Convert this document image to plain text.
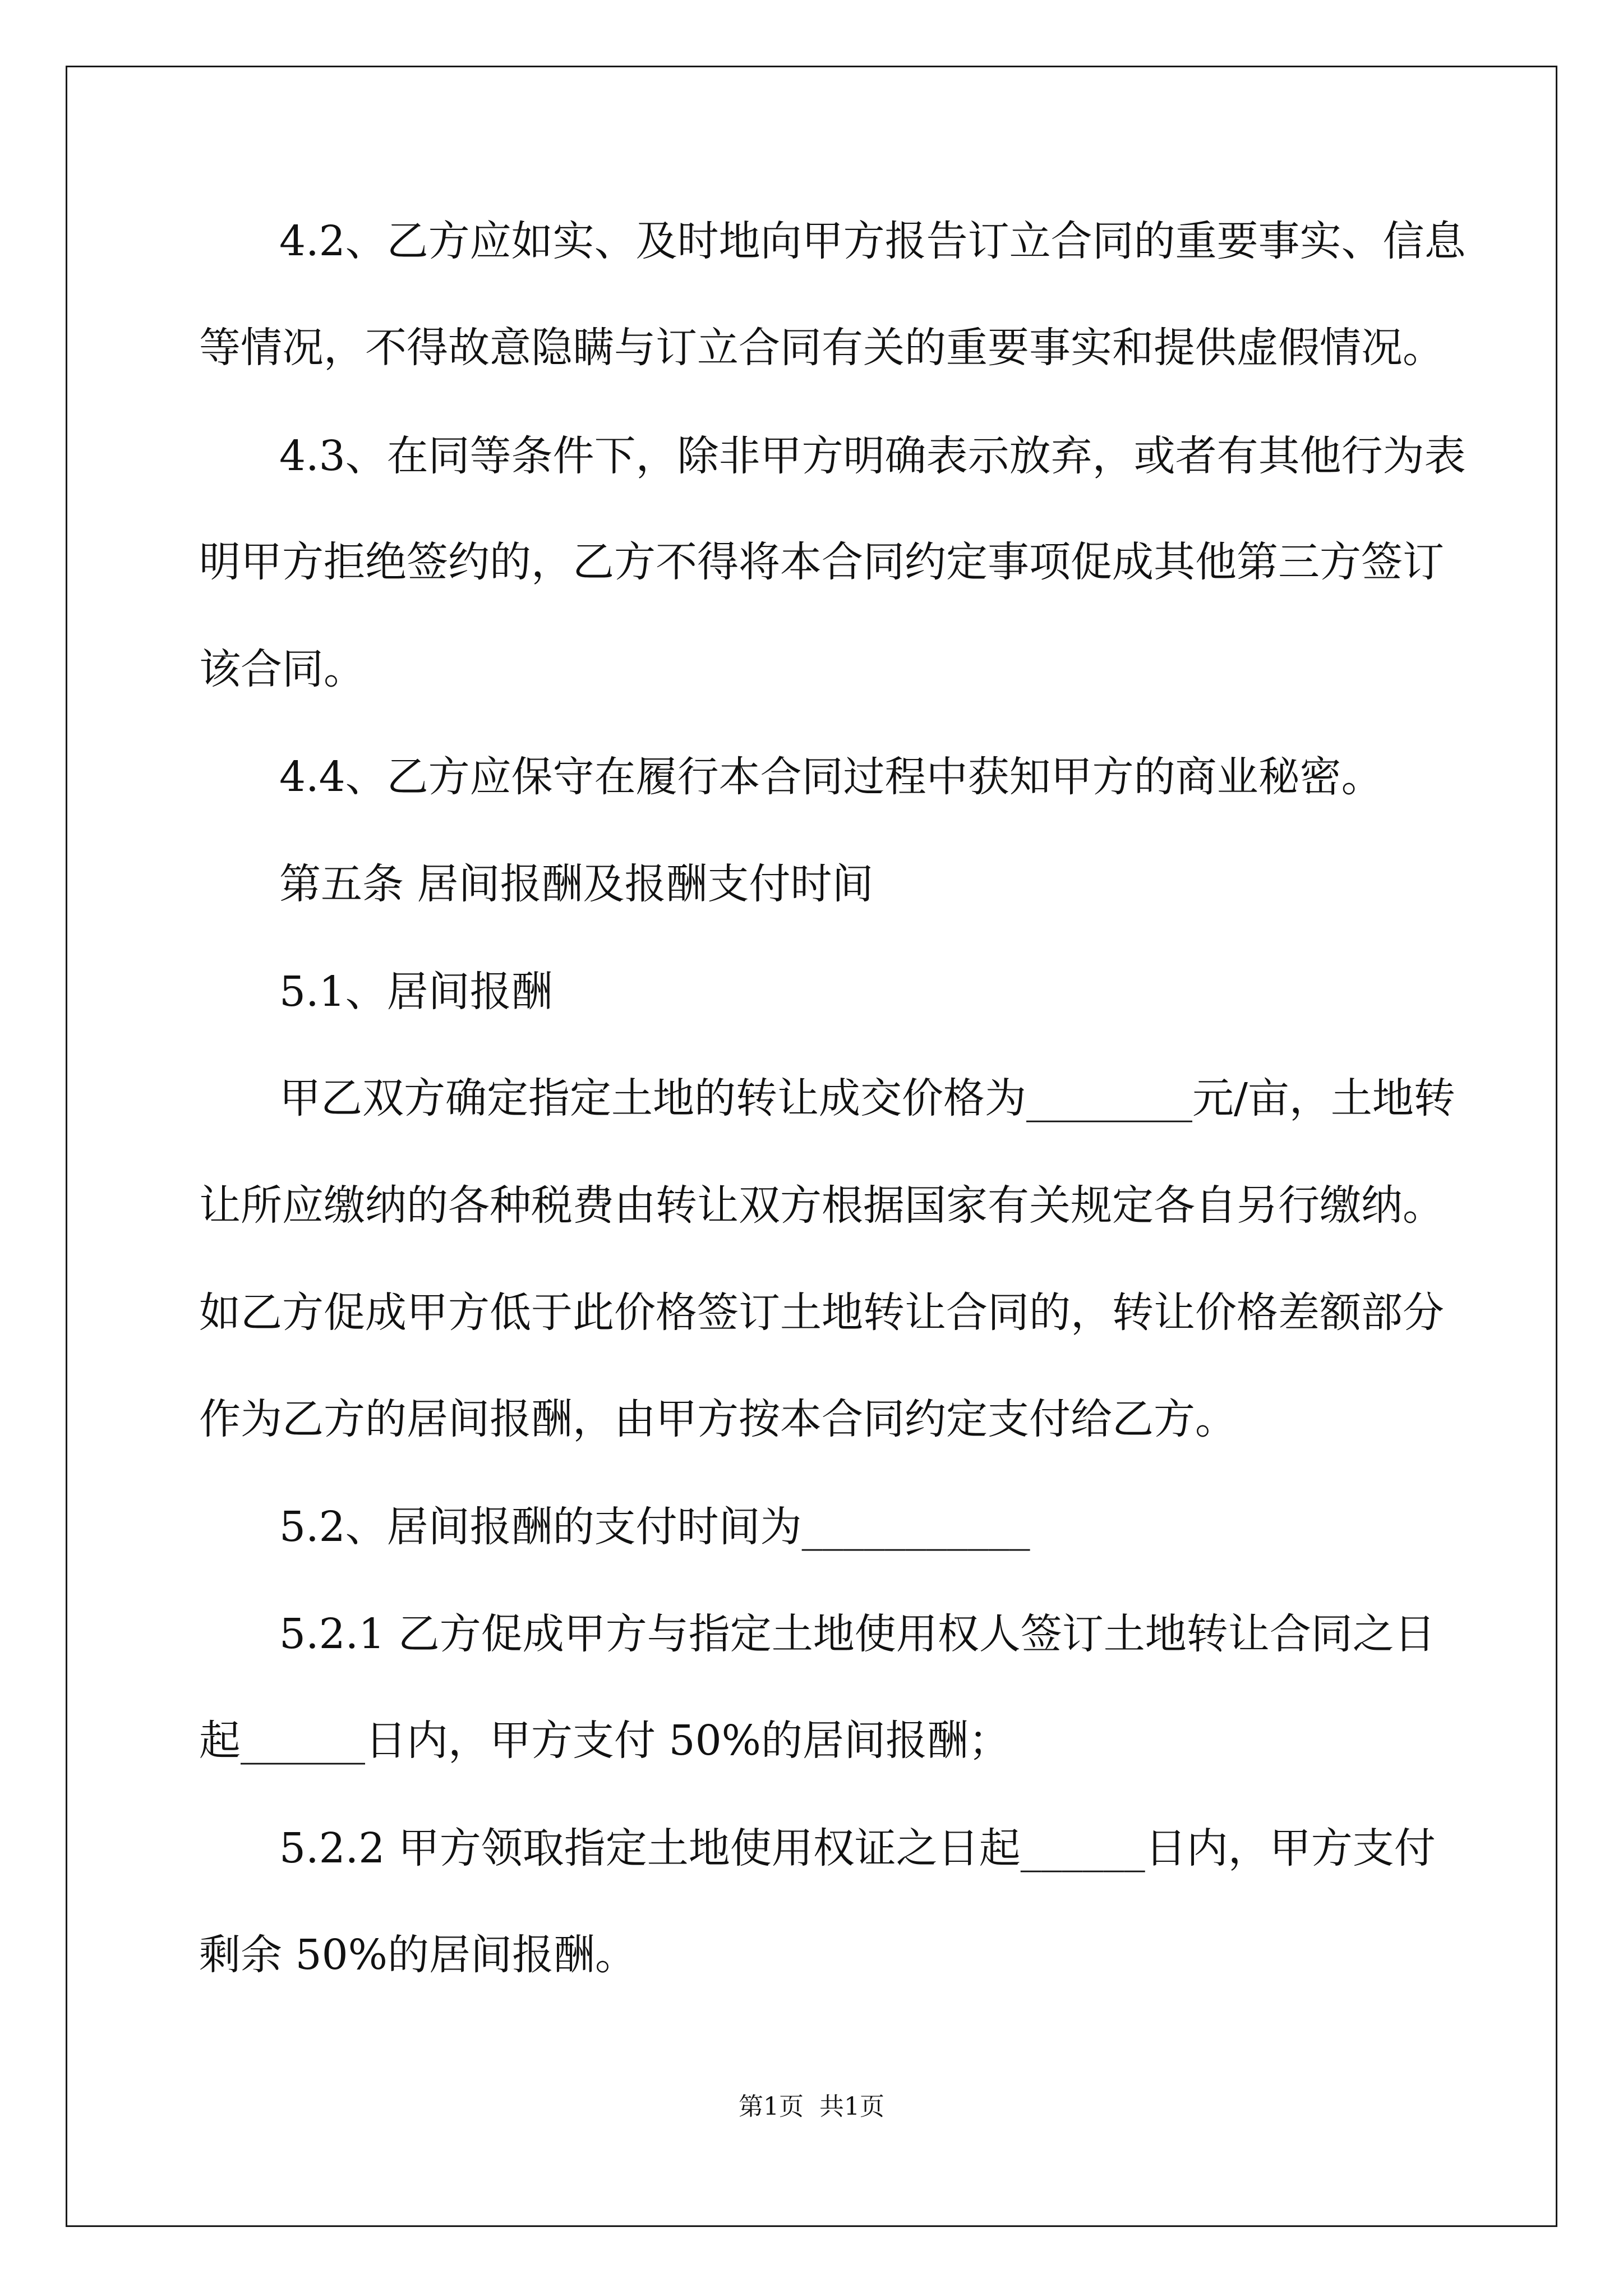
4.2、乙方应如实、及时地向甲方报告订立合同的重要事实、信息
等情况，不得故意隐瞒与订立合同有关的重要事实和提供虚假情况。
4.3、在同等条件下，除非甲方明确表示放弃，或者有其他行为表
明甲方拒绝签约的，乙方不得将本合同约定事项促成其他第三方签订
该合同。
4.4、乙方应保守在履行本合同过程中获知甲方的商业秘密。
第五条 居间报酬及报酬支付时间
5.1、居间报酬
甲乙双方确定指定土地的转让成交价格为________元/亩，土地转
让所应缴纳的各种税费由转让双方根据国家有关规定各自另行缴纳。
如乙方促成甲方低于此价格签订土地转让合同的，转让价格差额部分
作为乙方的居间报酬，由甲方按本合同约定支付给乙方。
5.2、居间报酬的支付时间为___________
5.2.1 乙方促成甲方与指定土地使用权人签订土地转让合同之日
起______日内，甲方支付 50%的居间报酬；
5.2.2 甲方领取指定土地使用权证之日起______日内，甲方支付
剩余 50%的居间报酬。
第1页  共1页
